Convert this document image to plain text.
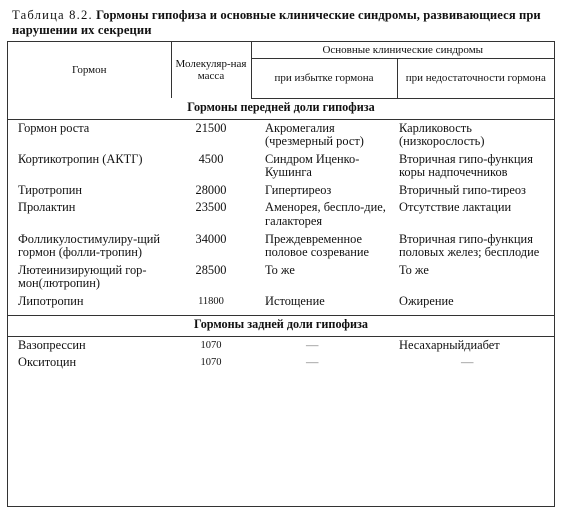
Таблица 8.2. Гормоны гипофиза и основные клинические синдромы, развивающиеся при нарушении их секреции
Гормон	Молекуляр-ная масса	Основные клинические синдромы	
		при избытке гормона	при недостаточности гормона
Гормоны передней доли гипофиза			
Гормон роста	21500	Акромегалия (чрезмерный рост)	Карликовость (низкорослость)
Кортикотропин (АКТГ)	4500	Синдром Иценко-Кушинга	Вторичная гипо-функция коры надпочечников
Тиротропин	28000	Гипертиреоз	Вторичный гипо-тиреоз
Пролактин	23500	Аменорея, беспло-дие, галакторея	Отсутствие лактации
Фолликулостимулиру-щий гормон (фолли-тропин)	34000	Преждевременное половое созревание	Вторичная гипо-функция половых желез; бесплодие
Лютеинизирующий гор-мон(лютропин)	28500	То же	То же
Липотропин	11800	Истощение	Ожирение
Гормоны задней доли гипофиза			
Вазопрессин	1070	—	Несахарныйдиабет
Окситоцин	1070	—	—
